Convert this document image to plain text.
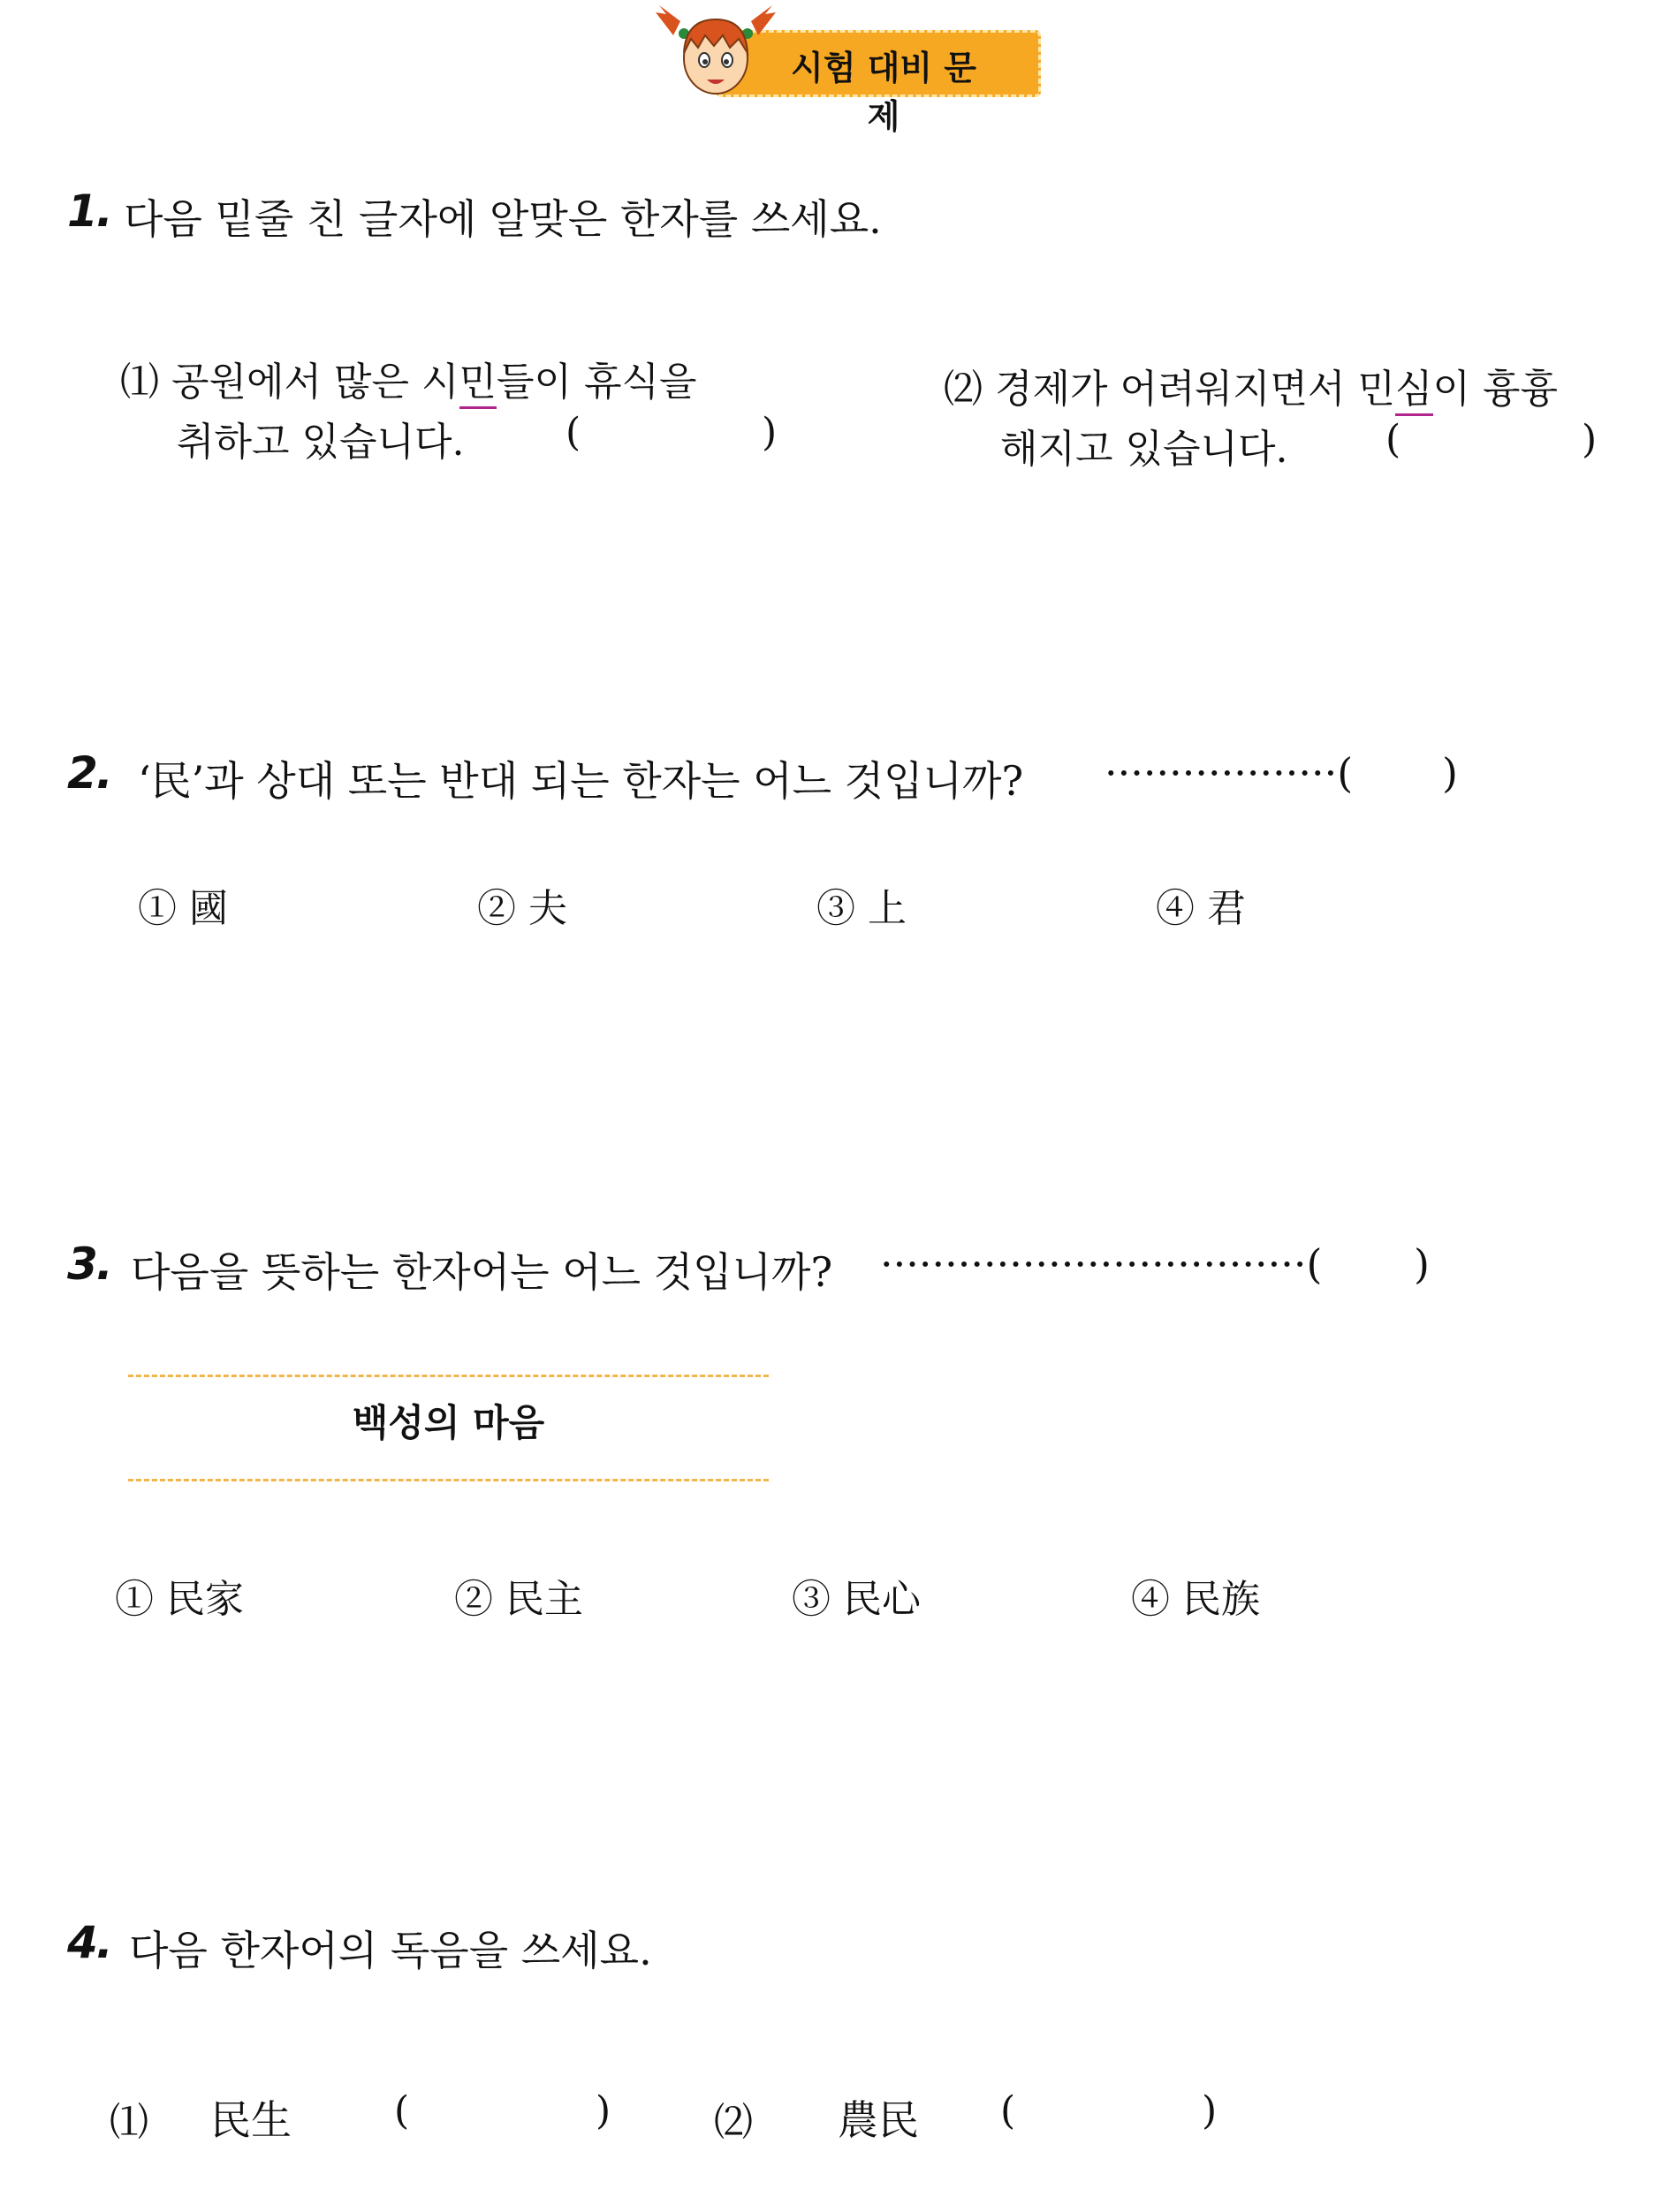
시험 대비 문제
1. 다음 밑줄 친 글자에 알맞은 한자를 쓰세요.
⑴ 공원에서 많은 시민들이 휴식을
취하고 있습니다.	(	)
⑵ 경제가 어려워지면서 민심이 흉흉
해지고 있습니다.	(	)
2. ‘民’과 상대 또는 반대 되는 한자는 어느 것입니까? ··················( )
① 國	② 夫	③ 上	④ 君
3. 다음을 뜻하는 한자어는 어느 것입니까? ·································( )
백성의 마음
① 民家	② 民主	③ 民心	④ 民族
4. 다음 한자어의 독음을 쓰세요.
⑴ 民生	(	)	⑵ 農民 (	)
